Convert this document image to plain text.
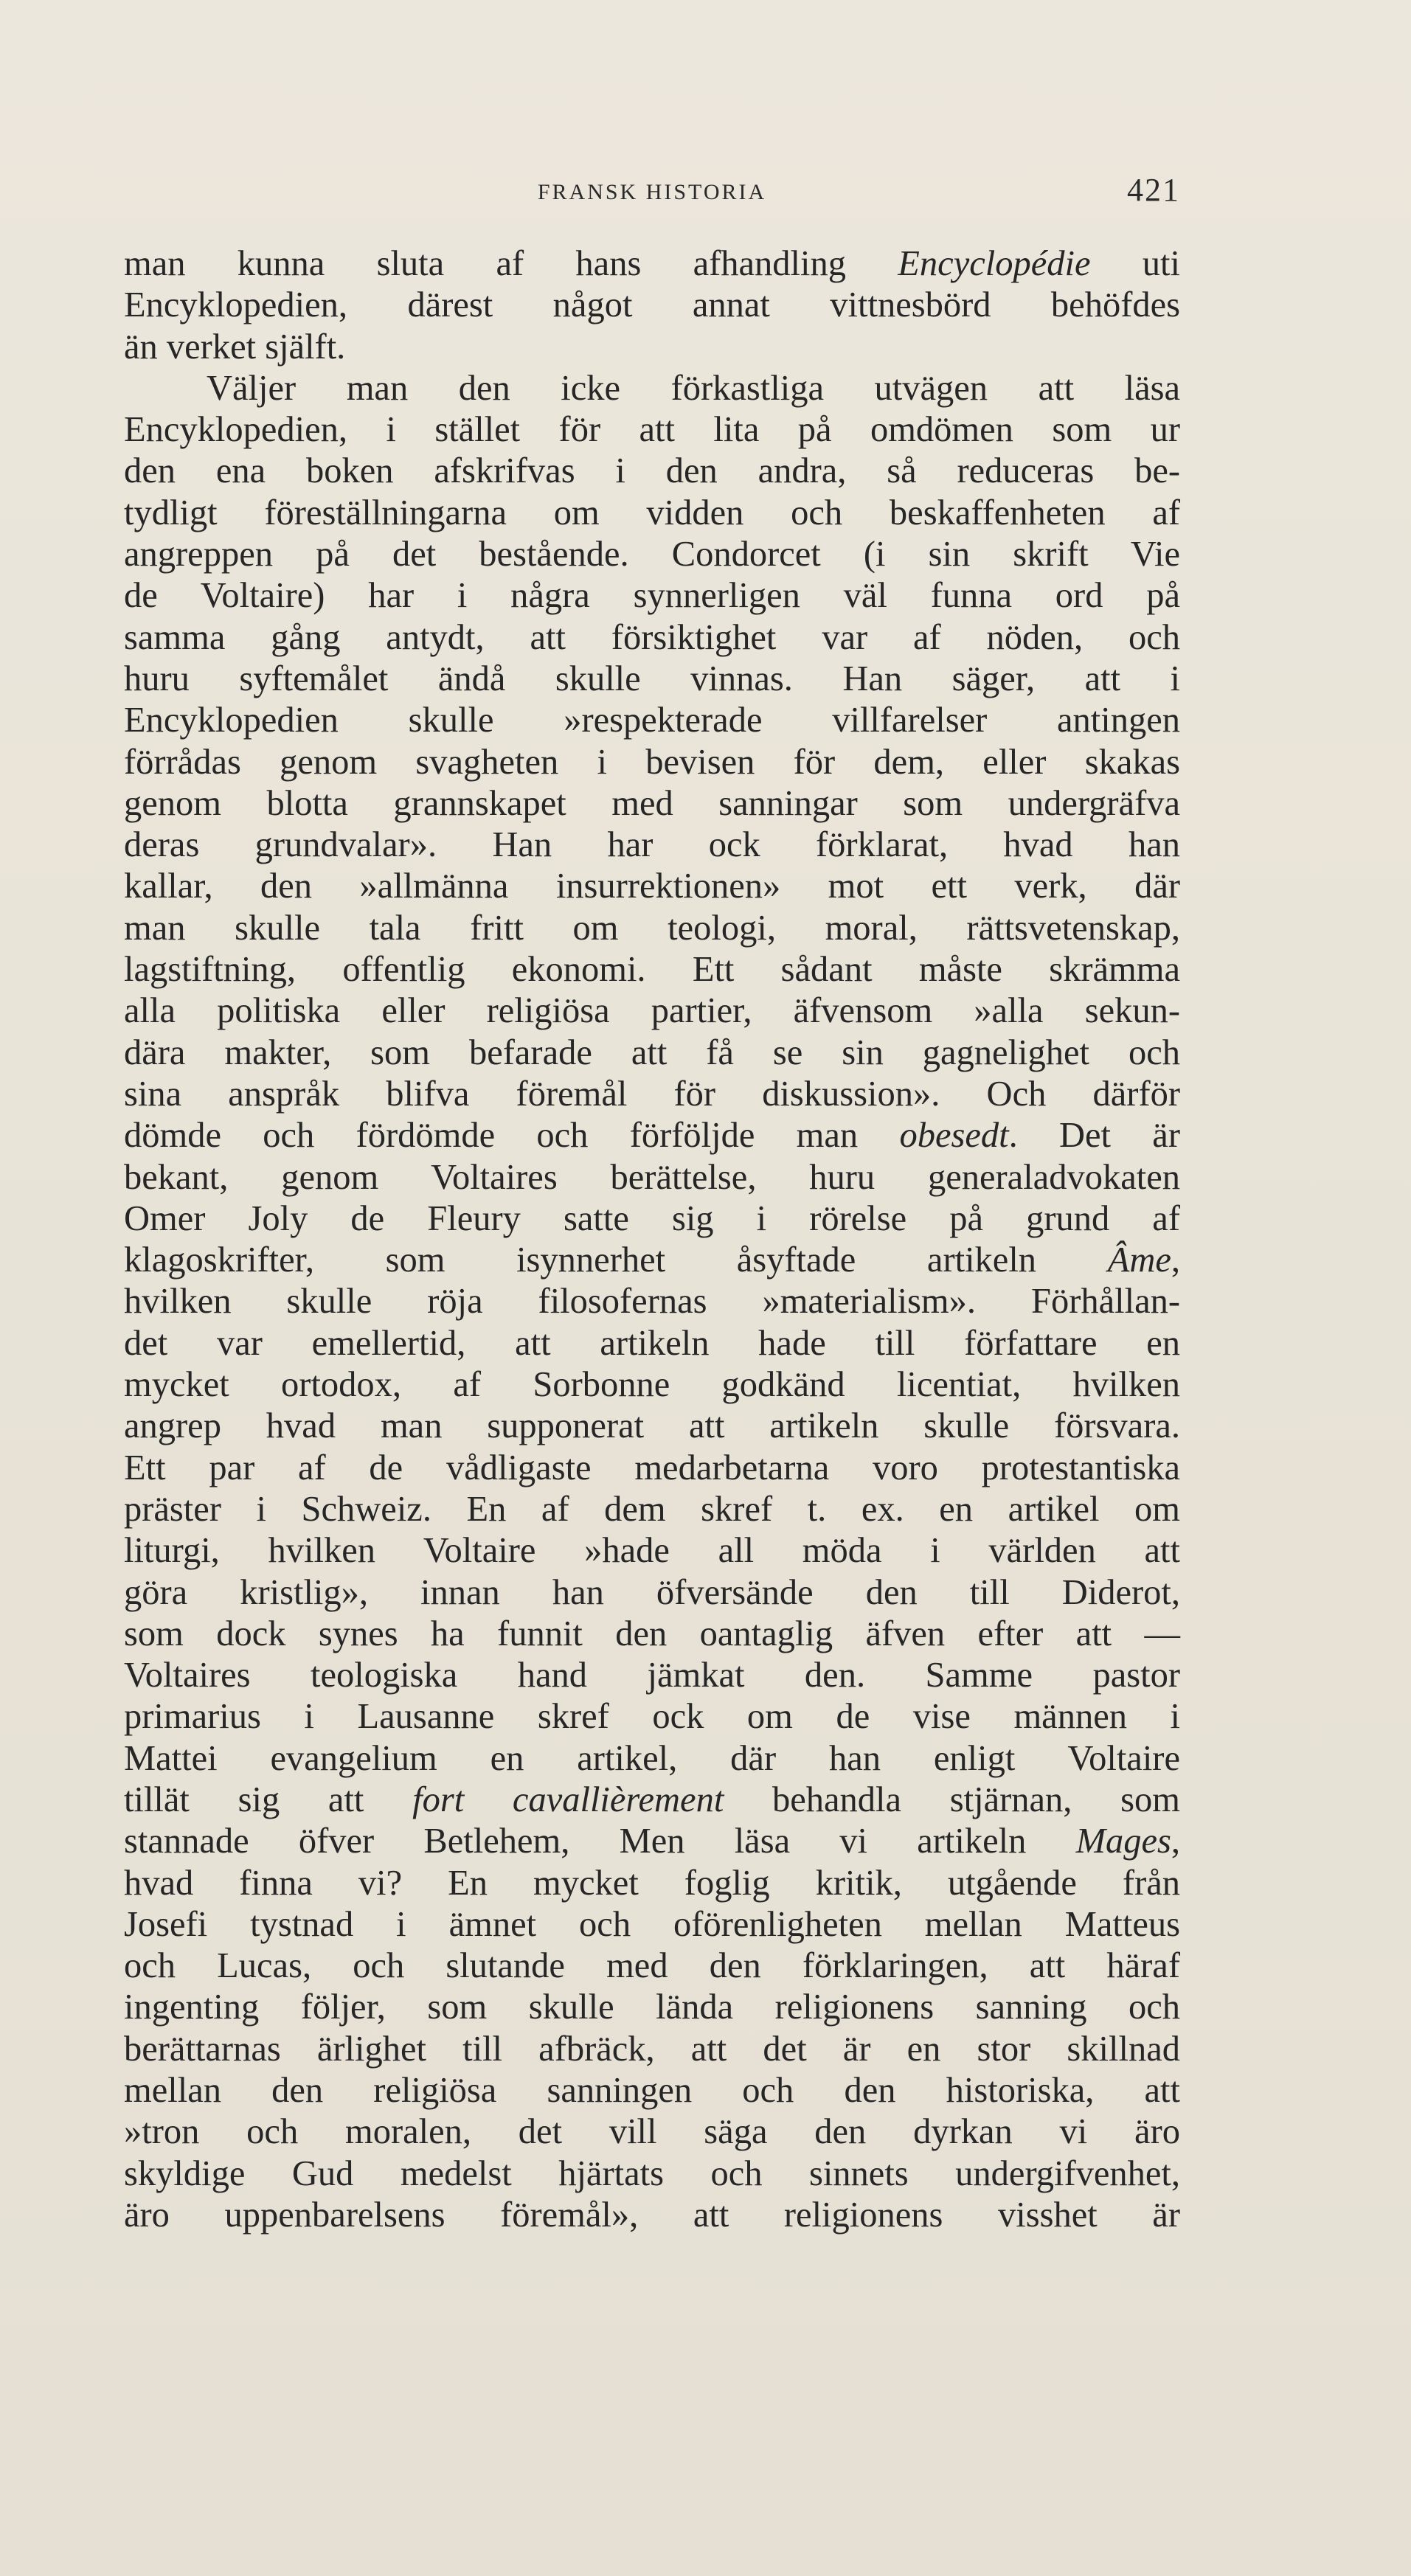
FRANSK HISTORIA	421
man kunna sluta af hans afhandling Encyclopédie uti
Encyklopedien, därest något annat vittnesbörd behöfdes
än verket själft.
Väljer man den icke förkastliga utvägen att läsa
Encyklopedien, i stället för att lita på omdömen som ur
den ena boken afskrifvas i den andra, så reduceras be-
tydligt föreställningarna om vidden och beskaffenheten af
angreppen på det bestående. Condorcet (i sin skrift Vie
de Voltaire) har i några synnerligen väl funna ord på
samma gång antydt, att försiktighet var af nöden, och
huru syftemålet ändå skulle vinnas. Han säger, att i
Encyklopedien skulle »respekterade villfarelser antingen
förrådas genom svagheten i bevisen för dem, eller skakas
genom blotta grannskapet med sanningar som undergräfva
deras grundvalar». Han har ock förklarat, hvad han
kallar, den »allmänna insurrektionen» mot ett verk, där
man skulle tala fritt om teologi, moral, rättsvetenskap,
lagstiftning, offentlig ekonomi. Ett sådant måste skrämma
alla politiska eller religiösa partier, äfvensom »alla sekun-
dära makter, som befarade att få se sin gagnelighet och
sina anspråk blifva föremål för diskussion». Och därför
dömde och fördömde och förföljde man obesedt. Det är
bekant, genom Voltaires berättelse, huru generaladvokaten
Omer Joly de Fleury satte sig i rörelse på grund af
klagoskrifter, som isynnerhet åsyftade artikeln Âme,
hvilken skulle röja filosofernas »materialism». Förhållan-
det var emellertid, att artikeln hade till författare en
mycket ortodox, af Sorbonne godkänd licentiat, hvilken
angrep hvad man supponerat att artikeln skulle försvara.
Ett par af de vådligaste medarbetarna voro protestantiska
präster i Schweiz. En af dem skref t. ex. en artikel om
liturgi, hvilken Voltaire »hade all möda i världen att
göra kristlig», innan han öfversände den till Diderot,
som dock synes ha funnit den oantaglig äfven efter att —
Voltaires teologiska hand jämkat den. Samme pastor
primarius i Lausanne skref ock om de vise männen i
Mattei evangelium en artikel, där han enligt Voltaire
tillät sig att fort cavallièrement behandla stjärnan, som
stannade öfver Betlehem, Men läsa vi artikeln Mages,
hvad finna vi? En mycket foglig kritik, utgående från
Josefi tystnad i ämnet och oförenligheten mellan Matteus
och Lucas, och slutande med den förklaringen, att häraf
ingenting följer, som skulle lända religionens sanning och
berättarnas ärlighet till afbräck, att det är en stor skillnad
mellan den religiösa sanningen och den historiska, att
»tron och moralen, det vill säga den dyrkan vi äro
skyldige Gud medelst hjärtats och sinnets undergifvenhet,
äro uppenbarelsens föremål», att religionens visshet är
